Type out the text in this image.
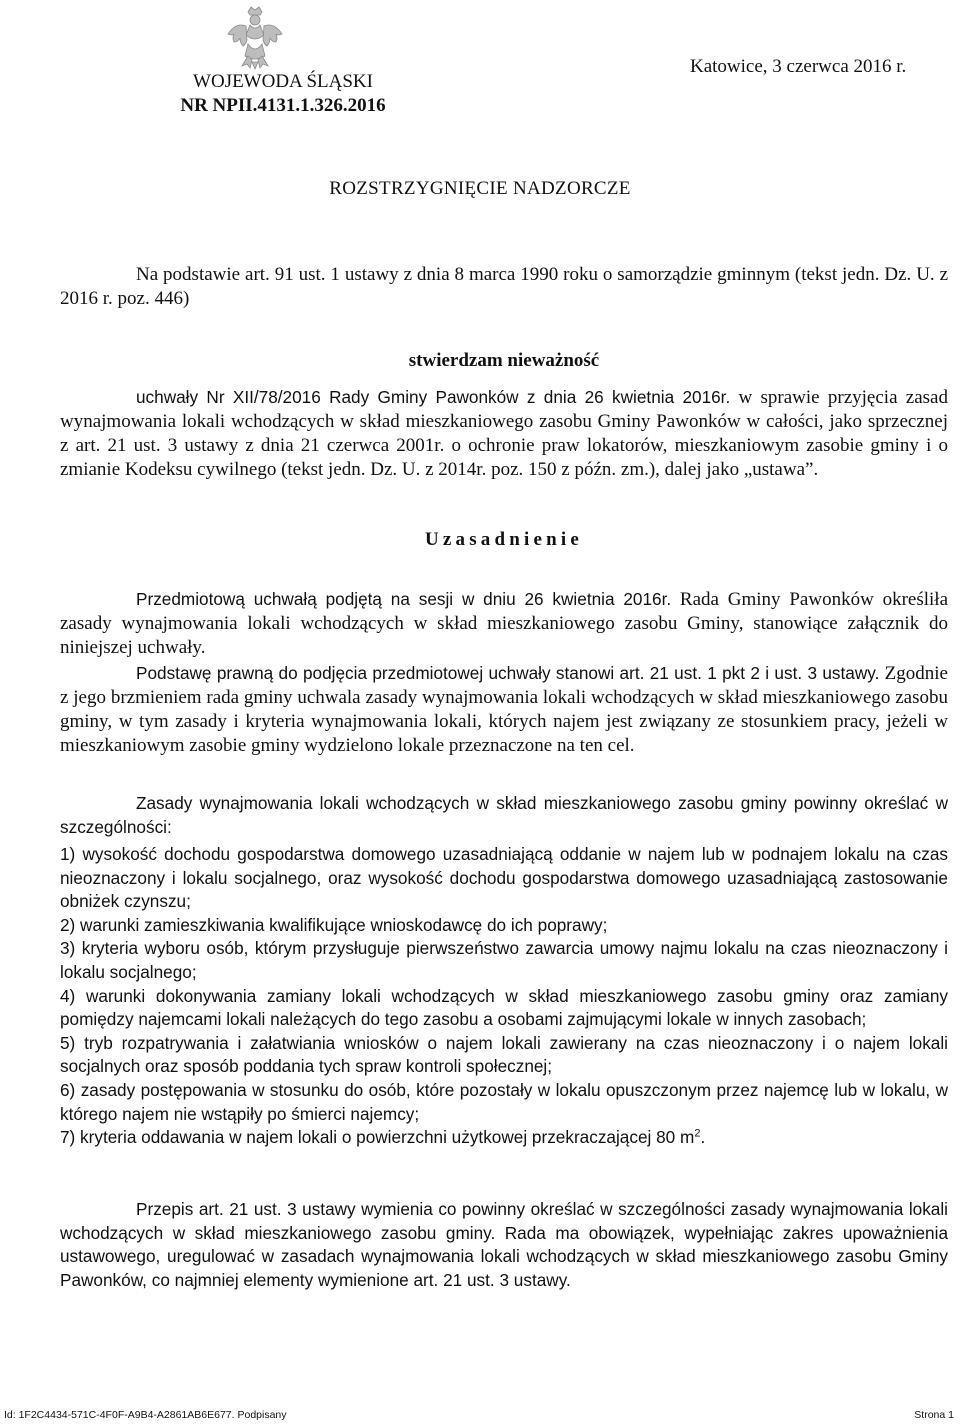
WOJEWODA ŚLĄSKI
NR NPII.4131.1.326.2016
Katowice, 3 czerwca 2016 r.
ROZSTRZYGNIĘCIE NADZORCZE

Na podstawie art. 91 ust. 1 ustawy z dnia 8 marca 1990 roku o samorządzie gminnym (tekst jedn. Dz. U. z 2016 r. poz. 446)

stwierdzam nieważność

uchwały Nr XII/78/2016 Rady Gminy Pawonków z dnia 26 kwietnia 2016r. w sprawie przyjęcia zasad wynajmowania lokali wchodzących w skład mieszkaniowego zasobu Gminy Pawonków w całości, jako sprzecznej z art. 21 ust. 3 ustawy z dnia 21 czerwca 2001r. o ochronie praw lokatorów, mieszkaniowym zasobie gminy i o zmianie Kodeksu cywilnego (tekst jedn. Dz. U. z 2014r. poz. 150 z późn. zm.), dalej jako „ustawa”.

Uzasadnienie

Przedmiotową uchwałą podjętą na sesji w dniu 26 kwietnia 2016r. Rada Gminy Pawonków określiła zasady wynajmowania lokali wchodzących w skład mieszkaniowego zasobu Gminy, stanowiące załącznik do niniejszej uchwały.

Podstawę prawną do podjęcia przedmiotowej uchwały stanowi art. 21 ust. 1 pkt 2 i ust. 3 ustawy. Zgodnie z jego brzmieniem rada gminy uchwala zasady wynajmowania lokali wchodzących w skład mieszkaniowego zasobu gminy, w tym zasady i kryteria wynajmowania lokali, których najem jest związany ze stosunkiem pracy, jeżeli w mieszkaniowym zasobie gminy wydzielono lokale przeznaczone na ten cel.

Zasady wynajmowania lokali wchodzących w skład mieszkaniowego zasobu gminy powinny określać w szczególności:

1) wysokość dochodu gospodarstwa domowego uzasadniającą oddanie w najem lub w podnajem lokalu na czas nieoznaczony i lokalu socjalnego, oraz wysokość dochodu gospodarstwa domowego uzasadniającą zastosowanie obniżek czynszu;

2) warunki zamieszkiwania kwalifikujące wnioskodawcę do ich poprawy;

3) kryteria wyboru osób, którym przysługuje pierwszeństwo zawarcia umowy najmu lokalu na czas nieoznaczony i lokalu socjalnego;

4) warunki dokonywania zamiany lokali wchodzących w skład mieszkaniowego zasobu gminy oraz zamiany pomiędzy najemcami lokali należących do tego zasobu a osobami zajmującymi lokale w innych zasobach;

5) tryb rozpatrywania i załatwiania wniosków o najem lokali zawierany na czas nieoznaczony i o najem lokali socjalnych oraz sposób poddania tych spraw kontroli społecznej;

6) zasady postępowania w stosunku do osób, które pozostały w lokalu opuszczonym przez najemcę lub w lokalu, w którego najem nie wstąpiły po śmierci najemcy;

7) kryteria oddawania w najem lokali o powierzchni użytkowej przekraczającej 80 $m^2$.

Przepis art. 21 ust. 3 ustawy wymienia co powinny określać w szczególności zasady wynajmowania lokali wchodzących w skład mieszkaniowego zasobu gminy. Rada ma obowiązek, wypełniając zakres upoważnienia ustawowego, uregulować w zasadach wynajmowania lokali wchodzących w skład mieszkaniowego zasobu Gminy Pawonków, co najmniej elementy wymienione art. 21 ust. 3 ustawy.

Id: 1F2C4434-571C-4F0F-A9B4-A2861AB6E677. Podpisany	Strona 1
